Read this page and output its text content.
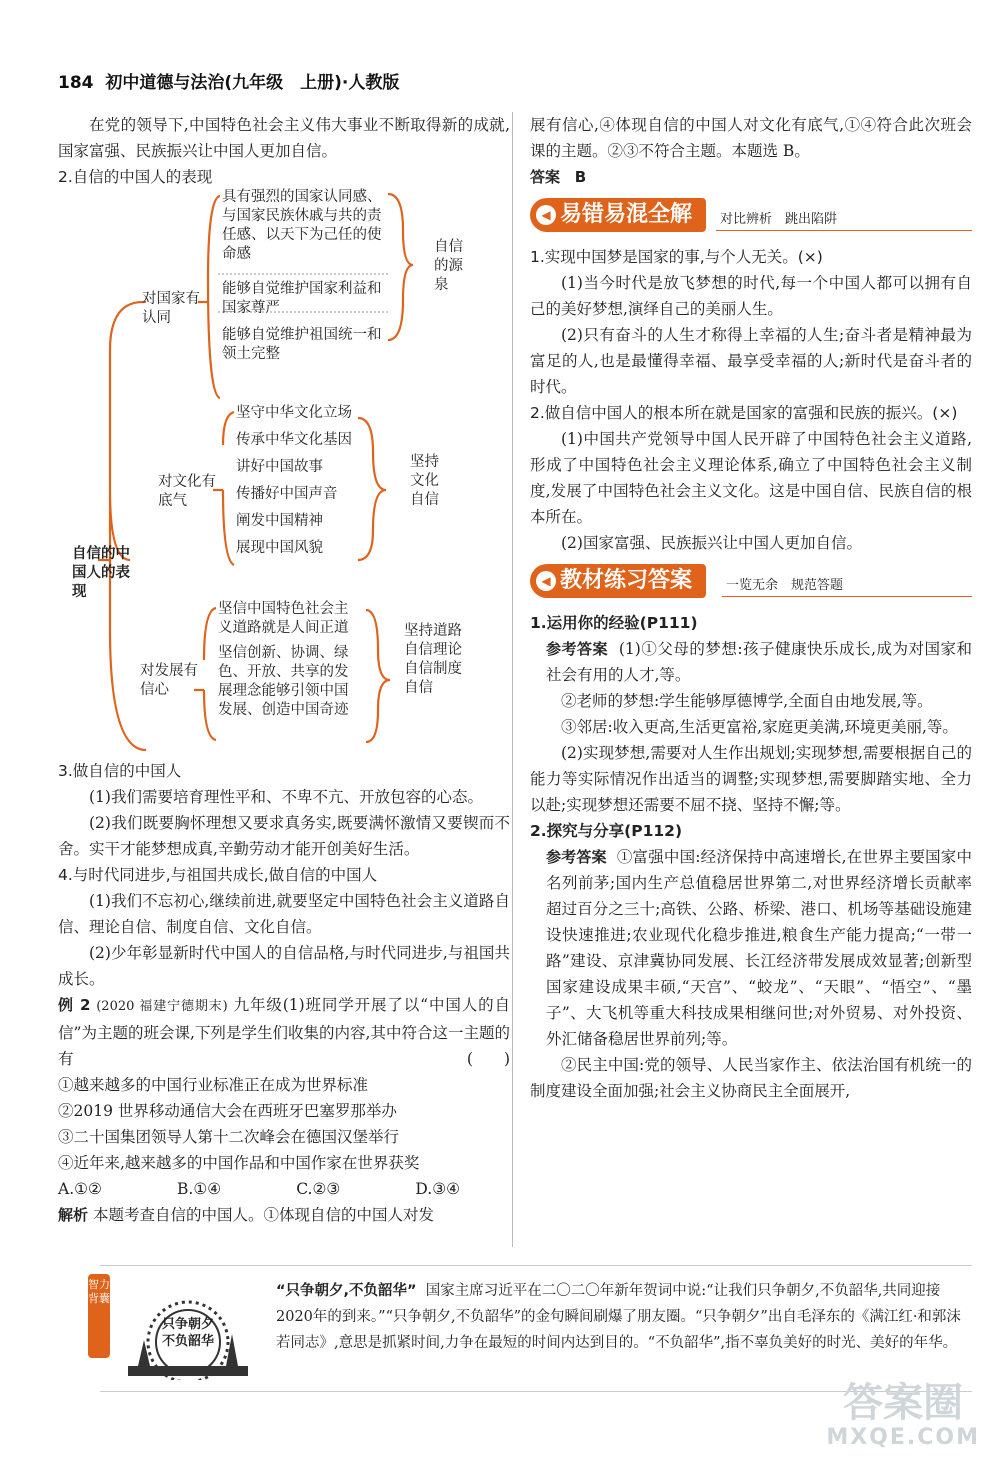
184 初中道德与法治(九年级　上册)·人教版

在党的领导下,中国特色社会主义伟大事业不断取得新的成就,国家富强、民族振兴让中国人更加自信。

2.自信的中国人的表现

自信的中国人的表现
对国家有认同
具有强烈的国家认同感、与国家民族休戚与共的责任感、以天下为己任的使命感
能够自觉维护国家利益和国家尊严
能够自觉维护祖国统一和领土完整
自信的源泉
对文化有底气
坚守中华文化立场
传承中华文化基因
讲好中国故事
传播好中国声音
阐发中国精神
展现中国风貌
坚持文化自信
对发展有信心
坚信中国特色社会主义道路就是人间正道
坚信创新、协调、绿色、开放、共享的发展理念能够引领中国发展、创造中国奇迹
坚持道路自信理论自信制度自信

3.做自信的中国人

(1)我们需要培育理性平和、不卑不亢、开放包容的心态。

(2)我们既要胸怀理想又要求真务实,既要满怀激情又要锲而不舍。实干才能梦想成真,辛勤劳动才能开创美好生活。

4.与时代同进步,与祖国共成长,做自信的中国人

(1)我们不忘初心,继续前进,就要坚定中国特色社会主义道路自信、理论自信、制度自信、文化自信。

(2)少年彰显新时代中国人的自信品格,与时代同进步,与祖国共成长。

例 2 (2020 福建宁德期末) 九年级(1)班同学开展了以“中国人的自信”为主题的班会课,下列是学生们收集的内容,其中符合这一主题的有	(　　)

①越来越多的中国行业标准正在成为世界标准

②2019 世界移动通信大会在西班牙巴塞罗那举办

③二十国集团领导人第十二次峰会在德国汉堡举行

④近年来,越来越多的中国作品和中国作家在世界获奖

A.①②	B.①④	C.②③	D.③④

解析 本题考查自信的中国人。①体现自信的中国人对发

展有信心,④体现自信的中国人对文化有底气,①④符合此次班会课的主题。②③不符合主题。本题选 B。

答案 B

◀ 易错易混全解	对比辨析　跳出陷阱

1.实现中国梦是国家的事,与个人无关。(×)

(1)当今时代是放飞梦想的时代,每一个中国人都可以拥有自己的美好梦想,演绎自己的美丽人生。

(2)只有奋斗的人生才称得上幸福的人生;奋斗者是精神最为富足的人,也是最懂得幸福、最享受幸福的人;新时代是奋斗者的时代。

2.做自信中国人的根本所在就是国家的富强和民族的振兴。(×)

(1)中国共产党领导中国人民开辟了中国特色社会主义道路,形成了中国特色社会主义理论体系,确立了中国特色社会主义制度,发展了中国特色社会主义文化。这是中国自信、民族自信的根本所在。

(2)国家富强、民族振兴让中国人更加自信。

◀ 教材练习答案	一览无余　规范答题

1.运用你的经验(P111)

参考答案 (1)①父母的梦想:孩子健康快乐成长,成为对国家和社会有用的人才,等。

②老师的梦想:学生能够厚德博学,全面自由地发展,等。

③邻居:收入更高,生活更富裕,家庭更美满,环境更美丽,等。

(2)实现梦想,需要对人生作出规划;实现梦想,需要根据自己的能力等实际情况作出适当的调整;实现梦想,需要脚踏实地、全力以赴;实现梦想还需要不屈不挠、坚持不懈;等。

2.探究与分享(P112)

参考答案 ①富强中国:经济保持中高速增长,在世界主要国家中名列前茅;国内生产总值稳居世界第二,对世界经济增长贡献率超过百分之三十;高铁、公路、桥梁、港口、机场等基础设施建设快速推进;农业现代化稳步推进,粮食生产能力提高;“一带一路”建设、京津冀协同发展、长江经济带发展成效显著;创新型国家建设成果丰硕,“天宫”、“蛟龙”、“天眼”、“悟空”、“墨子”、大飞机等重大科技成果相继问世;对外贸易、对外投资、外汇储备稳居世界前列;等。

②民主中国:党的领导、人民当家作主、依法治国有机统一的制度建设全面加强;社会主义协商民主全面展开,

智力背囊
只争朝夕
不负韶华
“只争朝夕,不负韶华” 国家主席习近平在二〇二〇年新年贺词中说:“让我们只争朝夕,不负韶华,共同迎接2020年的到来。”“只争朝夕,不负韶华”的金句瞬间刷爆了朋友圈。“只争朝夕”出自毛泽东的《满江红·和郭沫若同志》,意思是抓紧时间,力争在最短的时间内达到目的。“不负韶华”,指不辜负美好的时光、美好的年华。
答案圈
MXQE.COM
